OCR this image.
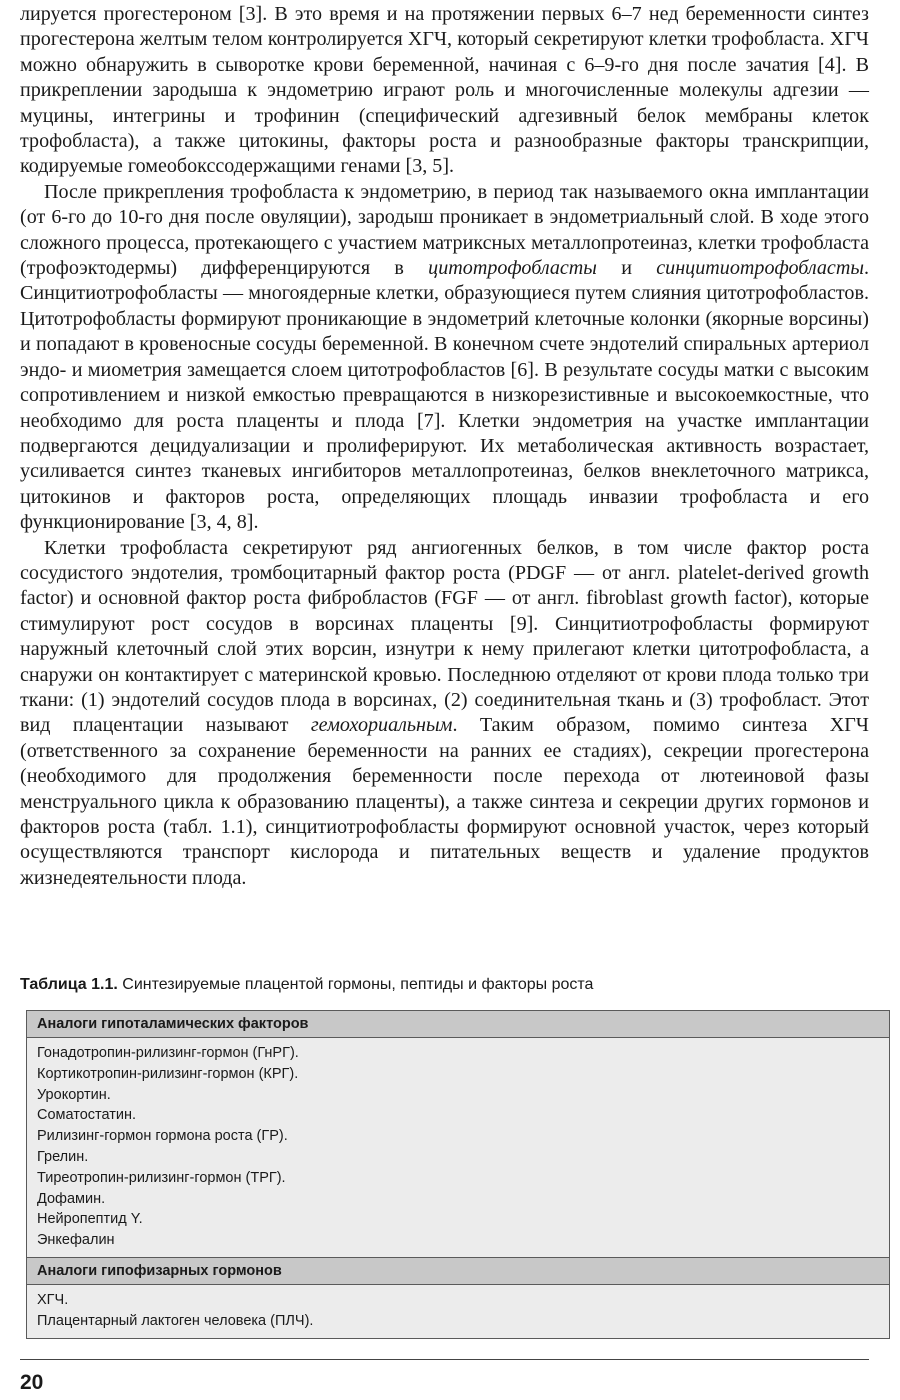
лируется прогестероном [3]. В это время и на протяжении первых 6–7 нед беременности синтез прогестерона желтым телом контролируется ХГЧ, который секретируют клетки трофобласта. ХГЧ можно обнаружить в сыворотке крови беременной, начиная с 6–9-го дня после зачатия [4]. В прикреплении зародыша к эндометрию играют роль и многочисленные молекулы адгезии — муцины, интегрины и трофинин (специфический адгезивный белок мембраны клеток трофобласта), а также цитокины, факторы роста и разнообразные факторы транскрипции, кодируемые гомеобокссодержащими генами [3, 5].

После прикрепления трофобласта к эндометрию, в период так называемого окна имплантации (от 6-го до 10-го дня после овуляции), зародыш проникает в эндометриальный слой. В ходе этого сложного процесса, протекающего с участием матриксных металлопротеиназ, клетки трофобласта (трофоэктодермы) дифференцируются в цитотрофобласты и синцитиотрофобласты. Синцитиотрофобласты — многоядерные клетки, образующиеся путем слияния цитотрофобластов. Цитотрофобласты формируют проникающие в эндометрий клеточные колонки (якорные ворсины) и попадают в кровеносные сосуды беременной. В конечном счете эндотелий спиральных артериол эндо- и миометрия замещается слоем цитотрофобластов [6]. В результате сосуды матки с высоким сопротивлением и низкой емкостью превращаются в низкорезистивные и высокоемкостные, что необходимо для роста плаценты и плода [7]. Клетки эндометрия на участке имплантации подвергаются децидуализации и пролиферируют. Их метаболическая активность возрастает, усиливается синтез тканевых ингибиторов металлопротеиназ, белков внеклеточного матрикса, цитокинов и факторов роста, определяющих площадь инвазии трофобласта и его функционирование [3, 4, 8].

Клетки трофобласта секретируют ряд ангиогенных белков, в том числе фактор роста сосудистого эндотелия, тромбоцитарный фактор роста (PDGF — от англ. platelet-derived growth factor) и основной фактор роста фибробластов (FGF — от англ. fibroblast growth factor), которые стимулируют рост сосудов в ворсинах плаценты [9]. Синцитиотрофобласты формируют наружный клеточный слой этих ворсин, изнутри к нему прилегают клетки цитотрофобласта, а снаружи он контактирует с материнской кровью. Последнюю отделяют от крови плода только три ткани: (1) эндотелий сосудов плода в ворсинах, (2) соединительная ткань и (3) трофобласт. Этот вид плацентации называют гемохориальным. Таким образом, помимо синтеза ХГЧ (ответственного за сохранение беременности на ранних ее стадиях), секреции прогестерона (необходимого для продолжения беременности после перехода от лютеиновой фазы менструального цикла к образованию плаценты), а также синтеза и секреции других гормонов и факторов роста (табл. 1.1), синцитиотрофобласты формируют основной участок, через который осуществляются транспорт кислорода и питательных веществ и удаление продуктов жизнедеятельности плода.

Таблица 1.1. Синтезируемые плацентой гормоны, пептиды и факторы роста
Аналоги гипоталамических факторов
Гонадотропин-рилизинг-гормон (ГнРГ).
Кортикотропин-рилизинг-гормон (КРГ).
Урокортин.
Соматостатин.
Рилизинг-гормон гормона роста (ГР).
Грелин.
Тиреотропин-рилизинг-гормон (ТРГ).
Дофамин.
Нейропептид Y.
Энкефалин
Аналоги гипофизарных гормонов
ХГЧ.
Плацентарный лактоген человека (ПЛЧ).
20
